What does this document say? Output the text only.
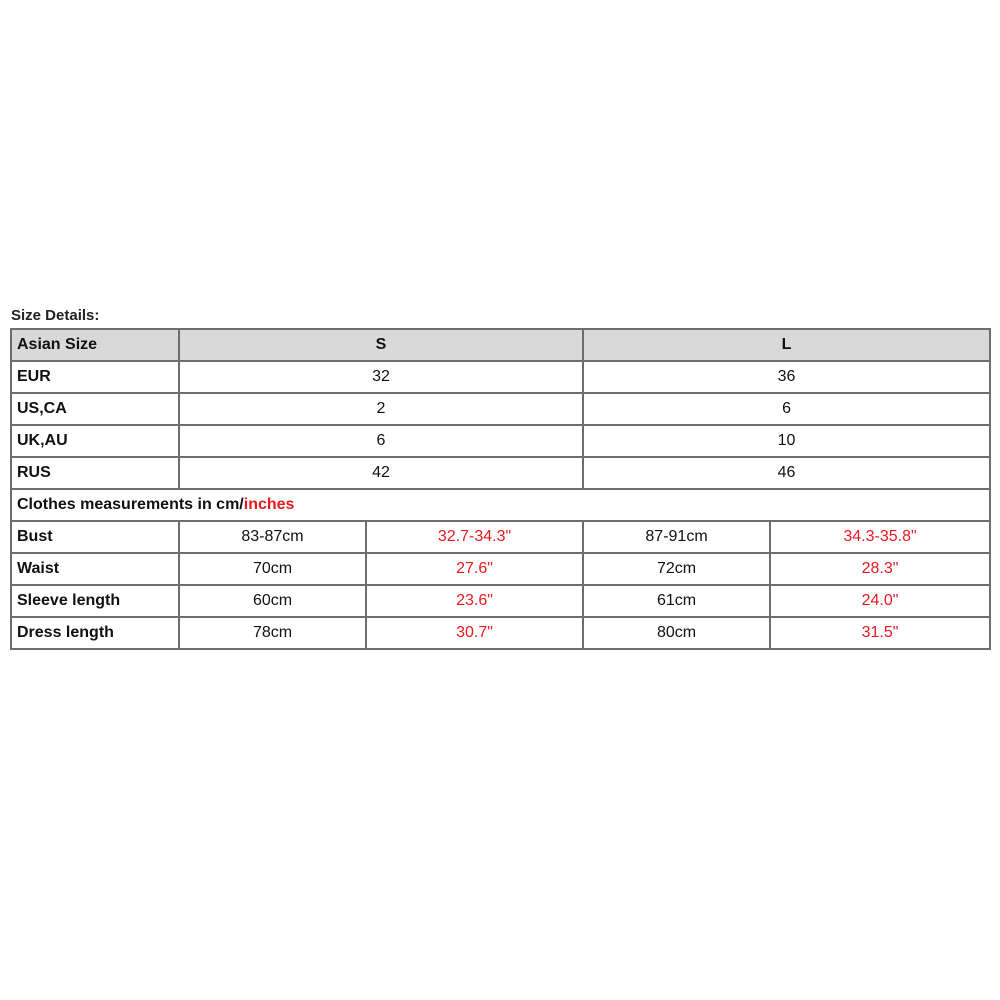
Size Details:
Asian Size	S		L	
EUR	32		36	
US,CA	2		6	
UK,AU	6		10	
RUS	42		46	
Clothes measurements in cm/inches				
Bust	83-87cm	32.7-34.3"	87-91cm	34.3-35.8"
Waist	70cm	27.6"	72cm	28.3"
Sleeve length	60cm	23.6"	61cm	24.0"
Dress length	78cm	30.7"	80cm	31.5"
